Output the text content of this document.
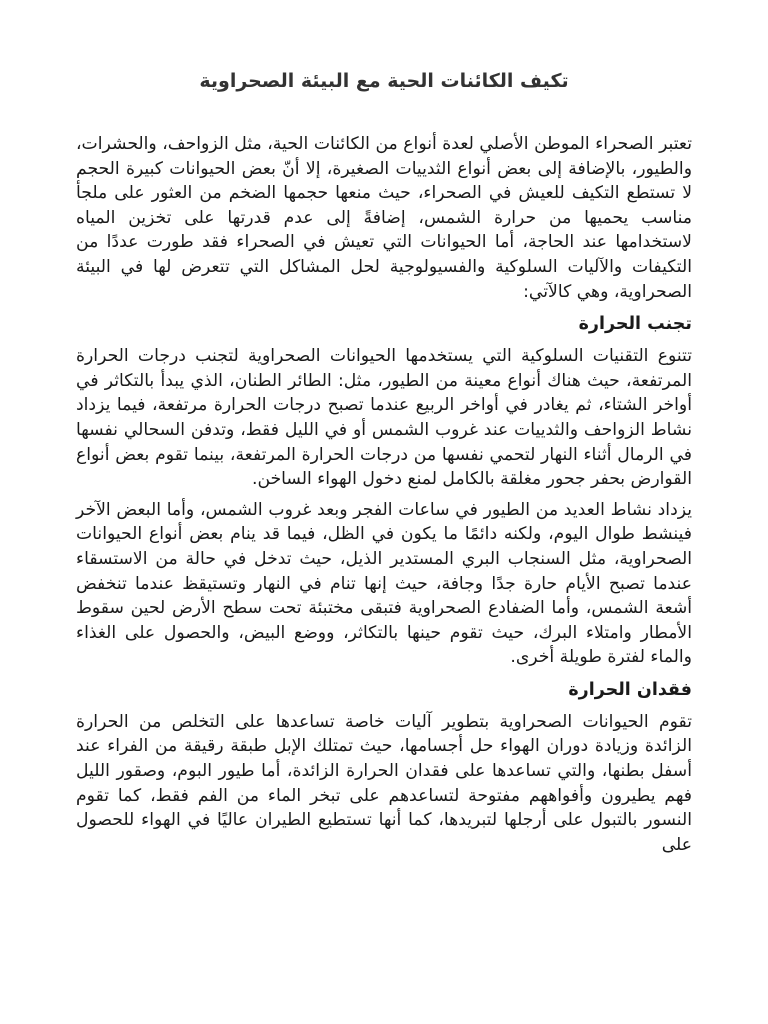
تكيف الكائنات الحية مع البيئة الصحراوية

تعتبر الصحراء الموطن الأصلي لعدة أنواع من الكائنات الحية، مثل الزواحف، والحشرات، والطيور، بالإضافة إلى بعض أنواع الثدييات الصغيرة، إلا أنّ بعض الحيوانات كبيرة الحجم لا تستطع التكيف للعيش في الصحراء، حيث منعها حجمها الضخم من العثور على ملجأ مناسب يحميها من حرارة الشمس، إضافةً إلى عدم قدرتها على تخزين المياه لاستخدامها عند الحاجة، أما الحيوانات التي تعيش في الصحراء فقد طورت عددًا من التكيفات والآليات السلوكية والفسيولوجية لحل المشاكل التي تتعرض لها في البيئة الصحراوية، وهي كالآتي:

تجنب الحرارة

تتنوع التقنيات السلوكية التي يستخدمها الحيوانات الصحراوية لتجنب درجات الحرارة المرتفعة، حيث هناك أنواع معينة من الطيور، مثل: الطائر الطنان، الذي يبدأ بالتكاثر في أواخر الشتاء، ثم يغادر في أواخر الربيع عندما تصبح درجات الحرارة مرتفعة، فيما يزداد نشاط الزواحف والثدييات عند غروب الشمس أو في الليل فقط، وتدفن السحالي نفسها في الرمال أثناء النهار لتحمي نفسها من درجات الحرارة المرتفعة، بينما تقوم بعض أنواع القوارض بحفر جحور مغلقة بالكامل لمنع دخول الهواء الساخن.

يزداد نشاط العديد من الطيور في ساعات الفجر وبعد غروب الشمس، وأما البعض الآخر فينشط طوال اليوم، ولكنه دائمًا ما يكون في الظل، فيما قد ينام بعض أنواع الحيوانات الصحراوية، مثل السنجاب البري المستدير الذيل، حيث تدخل في حالة من الاستسقاء عندما تصبح الأيام حارة جدًا وجافة، حيث إنها تنام في النهار وتستيقظ عندما تنخفض أشعة الشمس، وأما الضفادع الصحراوية فتبقى مختبئة تحت سطح الأرض لحين سقوط الأمطار وامتلاء البرك، حيث تقوم حينها بالتكاثر، ووضع البيض، والحصول على الغذاء والماء لفترة طويلة أخرى.

فقدان الحرارة

تقوم الحيوانات الصحراوية بتطوير آليات خاصة تساعدها على التخلص من الحرارة الزائدة وزيادة دوران الهواء حل أجسامها، حيث تمتلك الإبل طبقة رقيقة من الفراء عند أسفل بطنها، والتي تساعدها على فقدان الحرارة الزائدة، أما طيور البوم، وصقور الليل فهم يطيرون وأفواههم مفتوحة لتساعدهم على تبخر الماء من الفم فقط، كما تقوم النسور بالتبول على أرجلها لتبريدها، كما أنها تستطيع الطيران عاليًا في الهواء للحصول على
